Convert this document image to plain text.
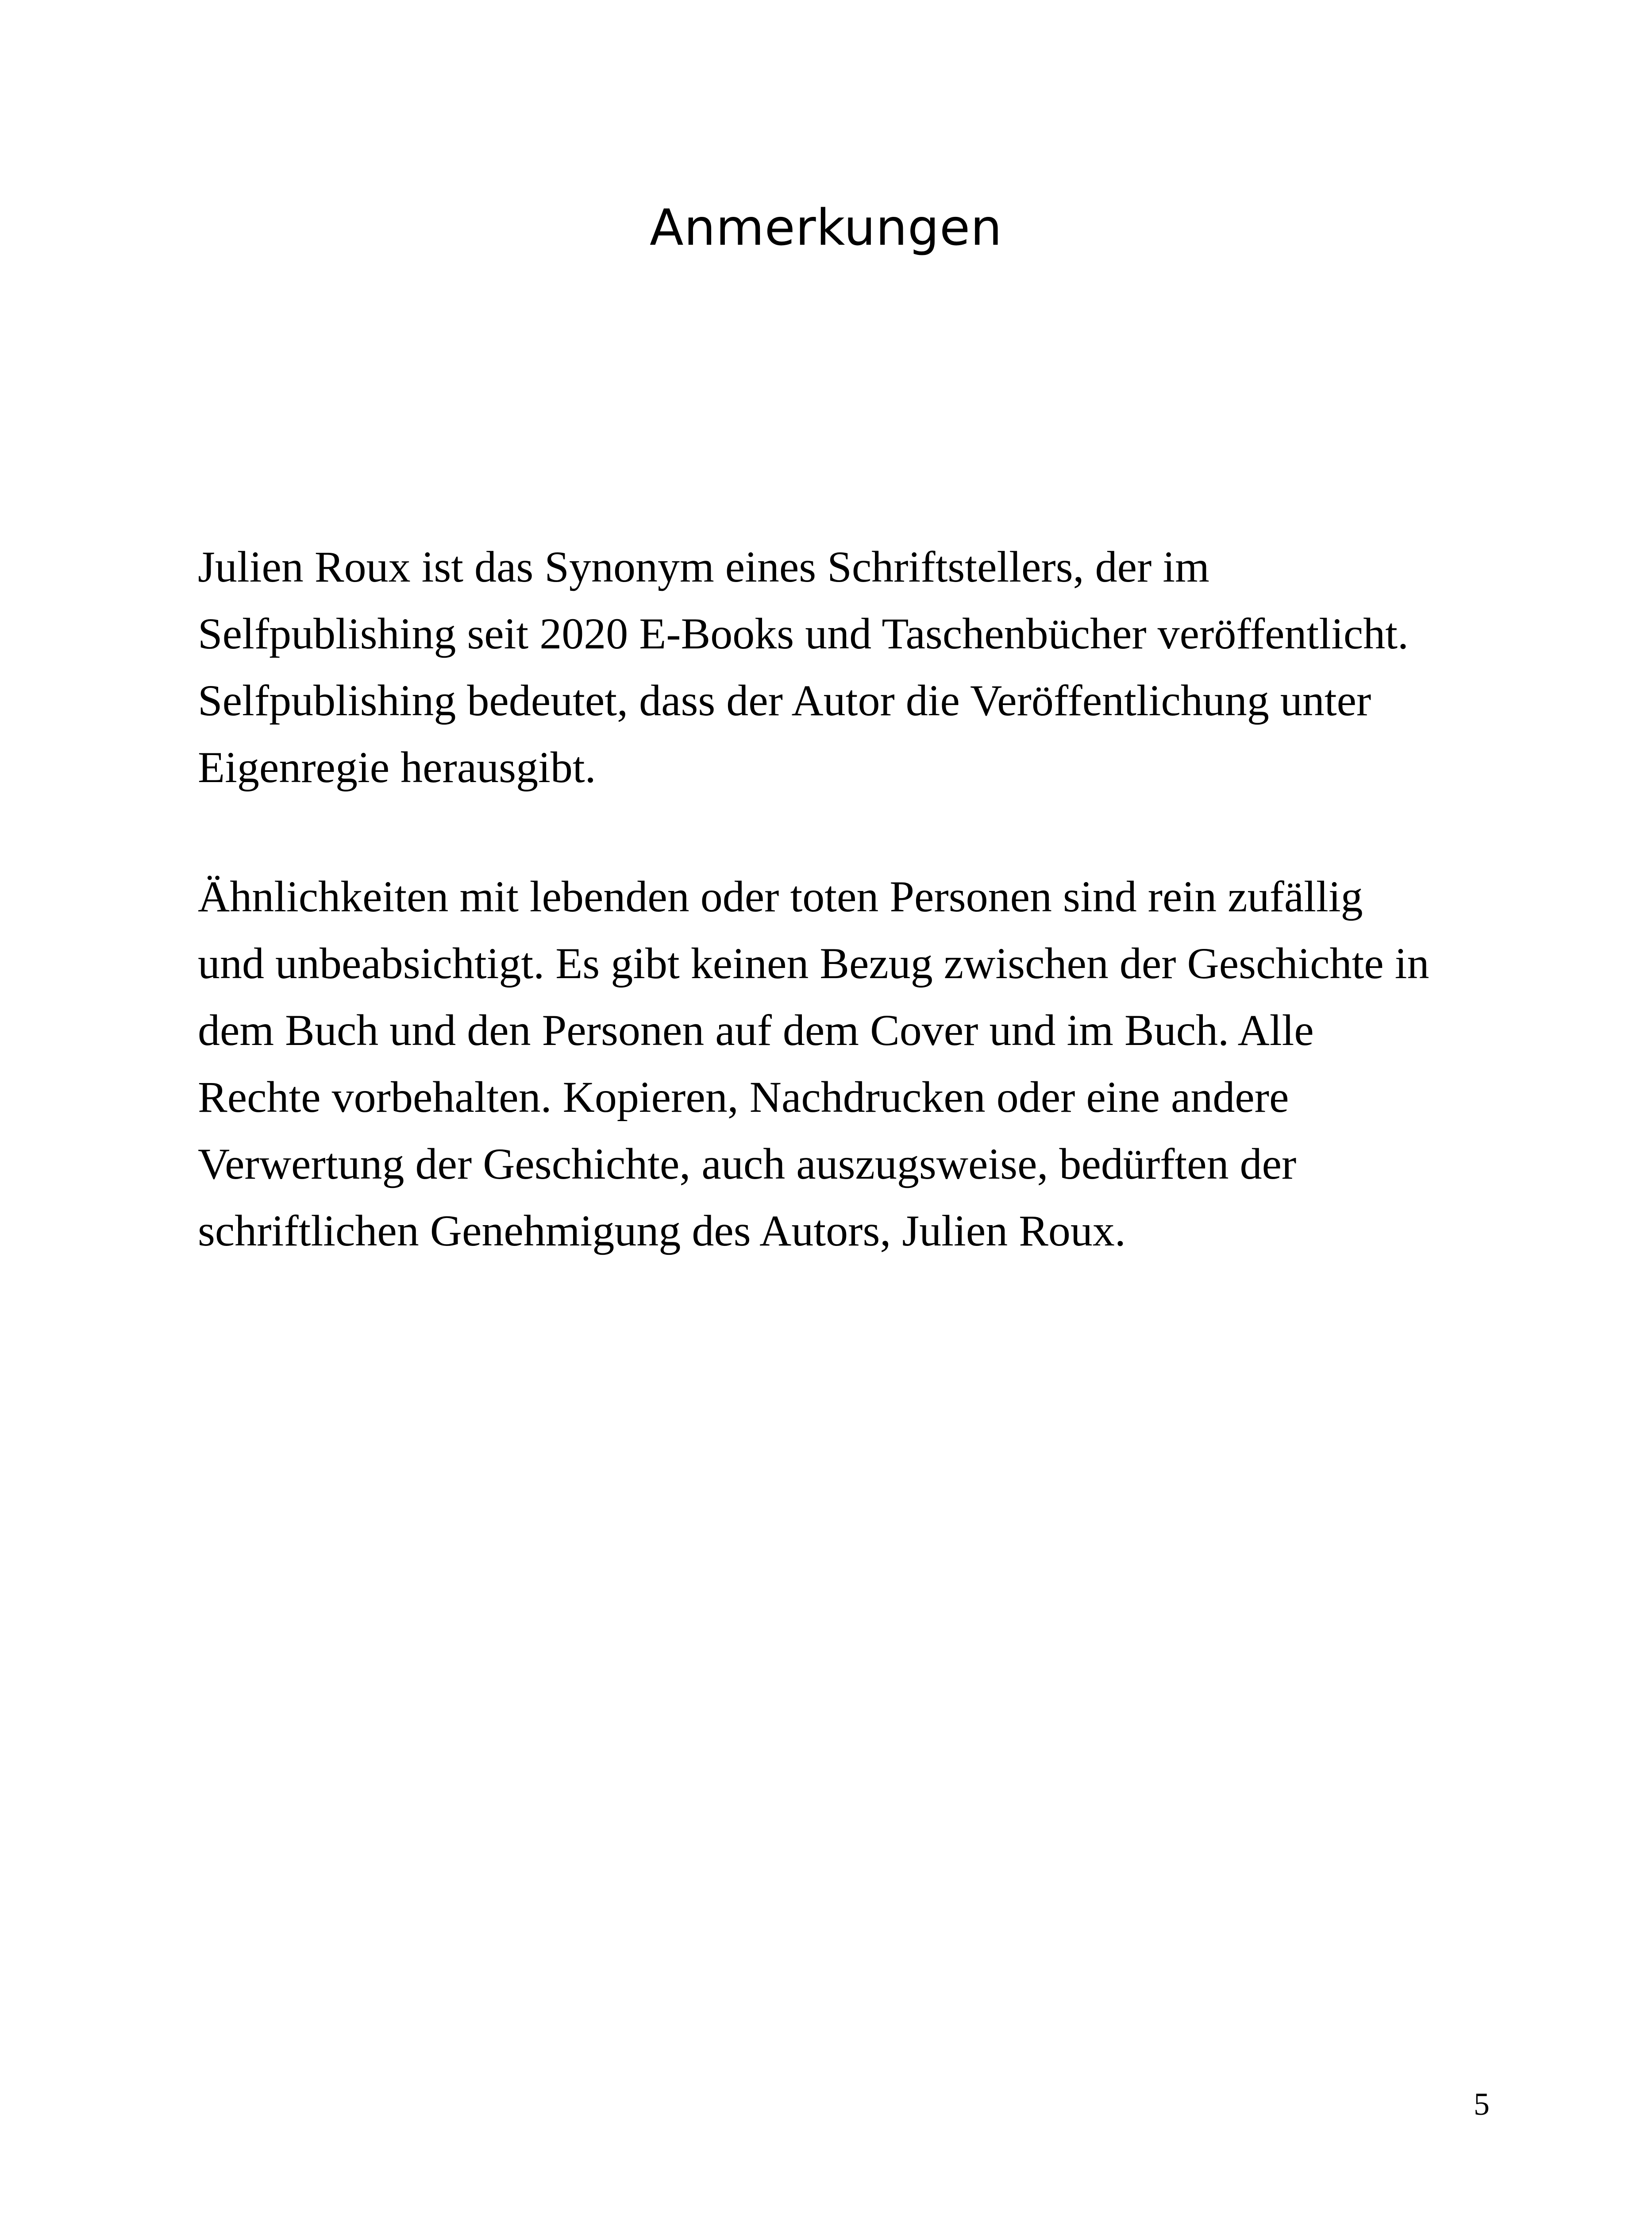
Anmerkungen
Julien Roux ist das Synonym eines Schriftstellers, der im
Selfpublishing seit 2020 E-Books und Taschenbücher veröffentlicht.
Selfpublishing bedeutet, dass der Autor die Veröffentlichung unter
Eigenregie herausgibt.
Ähnlichkeiten mit lebenden oder toten Personen sind rein zufällig
und unbeabsichtigt. Es gibt keinen Bezug zwischen der Geschichte in
dem Buch und den Personen auf dem Cover und im Buch. Alle
Rechte vorbehalten. Kopieren, Nachdrucken oder eine andere
Verwertung der Geschichte, auch auszugsweise, bedürften der
schriftlichen Genehmigung des Autors, Julien Roux.
5
